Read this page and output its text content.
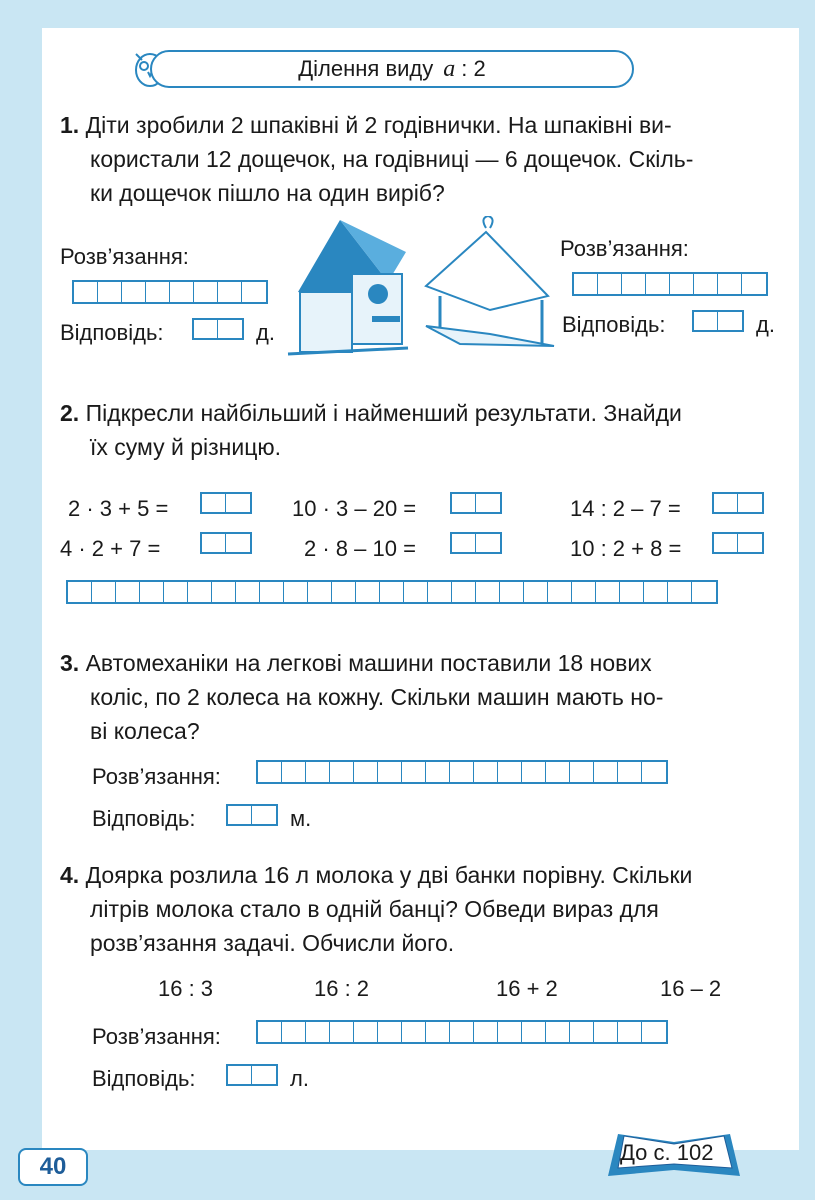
Ділення виду a : 2
1. Діти зробили 2 шпаківні й 2 годівнички. На шпаківні ви-
користали 12 дощечок, на годівниці — 6 дощечок. Скіль-
ки дощечок пішло на один виріб?
Розв’язання:
Відповідь:	д.
Розв’язання:
Відповідь:	д.
2. Підкресли найбільший і найменший результати. Знайди
їх суму й різницю.
2 · 3 + 5 =	10 · 3 – 20 =	14 : 2 – 7 =
4 · 2 + 7 =	2 · 8 – 10 =	10 : 2 + 8 =
3. Автомеханіки на легкові машини поставили 18 нових
коліс, по 2 колеса на кожну. Скільки машин мають но-
ві колеса?
Розв’язання:
Відповідь:	м.
4. Доярка розлила 16 л молока у дві банки порівну. Скільки
літрів молока стало в одній банці? Обведи вираз для
розв’язання задачі. Обчисли його.
16 : 3	16 : 2	16 + 2	16 – 2
Розв’язання:
Відповідь:	л.
40
До с. 102
